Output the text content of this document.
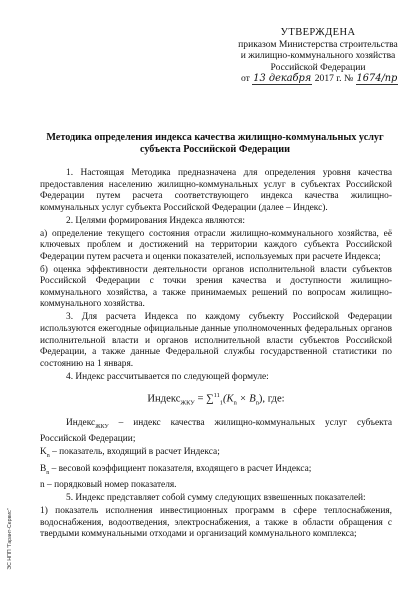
УТВЕРЖДЕНА
приказом Министерства строительства
и жилищно-коммунального хозяйства
Российской Федерации
от 13 декабря 2017 г. № 1674/пр
Методика определения индекса качества жилищно-коммунальных услуг
субъекта Российской Федерации

1. Настоящая Методика предназначена для определения уровня качества предоставления населению жилищно-коммунальных услуг в субъектах Российской Федерации путем расчета соответствующего индекса качества жилищно-коммунальных услуг субъекта Российской Федерации (далее – Индекс).

2. Целями формирования Индекса являются:

а) определение текущего состояния отрасли жилищно-коммунального хозяйства, её ключевых проблем и достижений на территории каждого субъекта Российской Федерации путем расчета и оценки показателей, используемых при расчете Индекса;

б) оценка эффективности деятельности органов исполнительной власти субъектов Российской Федерации с точки зрения качества и доступности жилищно-коммунального хозяйства, а также принимаемых решений по вопросам жилищно-коммунального хозяйства.

3. Для расчета Индекса по каждому субъекту Российской Федерации используются ежегодные официальные данные уполномоченных федеральных органов исполнительной власти и органов исполнительной власти субъектов Российской Федерации, а также данные Федеральной службы государственной статистики по состоянию на 1 января.

4. Индекс рассчитывается по следующей формуле:

Индекс$_{ЖКУ}$ = $\sum^{11}_1(K_n \times B_n)$, где:

Индекс$_{ЖКУ}$ – индекс качества жилищно-коммунальных услуг субъекта Российской Федерации;

$K_n$ – показатель, входящий в расчет Индекса;

$B_n$ – весовой коэффициент показателя, входящего в расчет Индекса;

n – порядковый номер показателя.

5. Индекс представляет собой сумму следующих взвешенных показателей:

1) показатель исполнения инвестиционных программ в сфере теплоснабжения, водоснабжения, водоотведения, электроснабжения, а также в области обращения с твердыми коммунальными отходами и организаций коммунального комплекса;

ЭС НПП "Гарант-Сервис"
